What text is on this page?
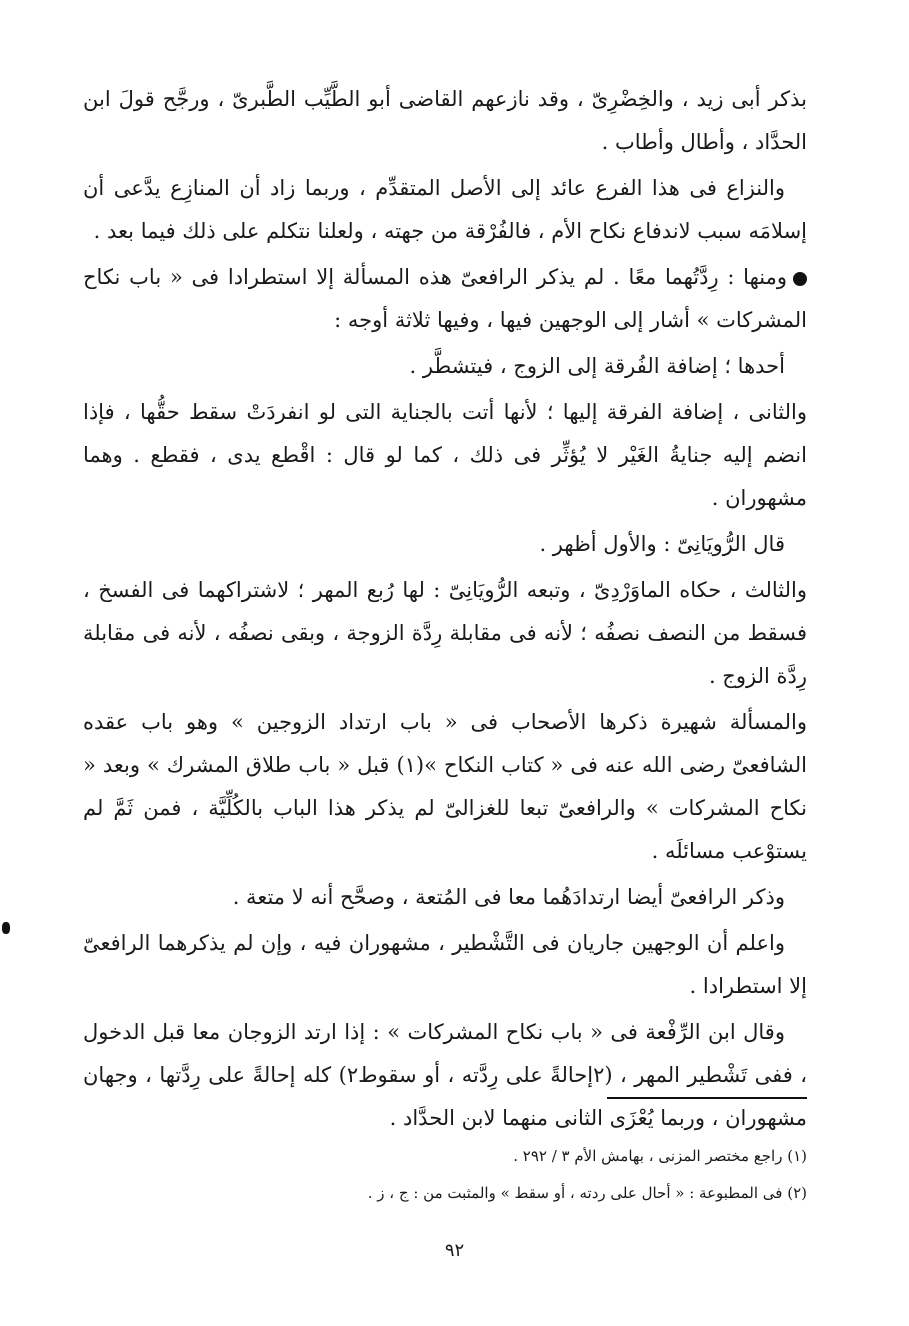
بذكر أبى زيد ، والخِضْرِىّ ، وقد نازعهم القاضى أبو الطَّيِّب الطَّبرىّ ، ورجَّح قولَ ابن الحدَّاد ، وأطال وأطاب .

والنزاع فى هذا الفرع عائد إلى الأصل المتقدِّم ، وربما زاد أن المنازِع يدَّعى أن إسلامَه سبب لاندفاع نكاح الأم ، فالفُرْقة من جهته ، ولعلنا نتكلم على ذلك فيما بعد .

ومنها : رِدَّتُهما معًا . لم يذكر الرافعىّ هذه المسألة إلا استطرادا فى « باب نكاح المشركات » أشار إلى الوجهين فيها ، وفيها ثلاثة أوجه :

أحدها ؛ إضافة الفُرقة إلى الزوج ، فيتشطَّر .

والثانى ، إضافة الفرقة إليها ؛ لأنها أتت بالجناية التى لو انفردَتْ سقط حقُّها ، فإذا انضم إليه جنايةُ الغَيْر لا يُؤثِّر فى ذلك ، كما لو قال : اقْطع يدى ، فقطع . وهما مشهوران .

قال الرُّويَانِىّ : والأول أظهر .

والثالث ، حكاه الماوَرْدِىّ ، وتبعه الرُّويَانِىّ : لها رُبع المهر ؛ لاشتراكهما فى الفسخ ، فسقط من النصف نصفُه ؛ لأنه فى مقابلة رِدَّة الزوجة ، وبقى نصفُه ، لأنه فى مقابلة رِدَّة الزوج .

والمسألة شهيرة ذكرها الأصحاب فى « باب ارتداد الزوجين » وهو باب عقده الشافعىّ رضى الله عنه فى « كتاب النكاح »(١) قبل « باب طلاق المشرك » وبعد « نكاح المشركات » والرافعىّ تبعا للغزالىّ لم يذكر هذا الباب بالكُلِّيَّة ، فمن ثَمَّ لم يستوْعب مسائلَه .

وذكر الرافعىّ أيضا ارتدادَهُما معا فى المُتعة ، وصحَّح أنه لا متعة .

واعلم أن الوجهين جاريان فى التَّشْطير ، مشهوران فيه ، وإن لم يذكرهما الرافعىّ إلا استطرادا .

وقال ابن الرِّفْعة فى « باب نكاح المشركات » : إذا ارتد الزوجان معا قبل الدخول ، ففى تَشْطير المهر ، (٢إحالةً على رِدَّته ، أو سقوط٢) كله إحالةً على رِدَّتها ، وجهان مشهوران ، وربما يُعْزَى الثانى منهما لابن الحدَّاد .

(١) راجع مختصر المزنى ، بهامش الأم ٣ / ٢٩٢ .

(٢) فى المطبوعة : « أحال على ردته ، أو سقط » والمثبت من : ج ، ز .

٩٢
